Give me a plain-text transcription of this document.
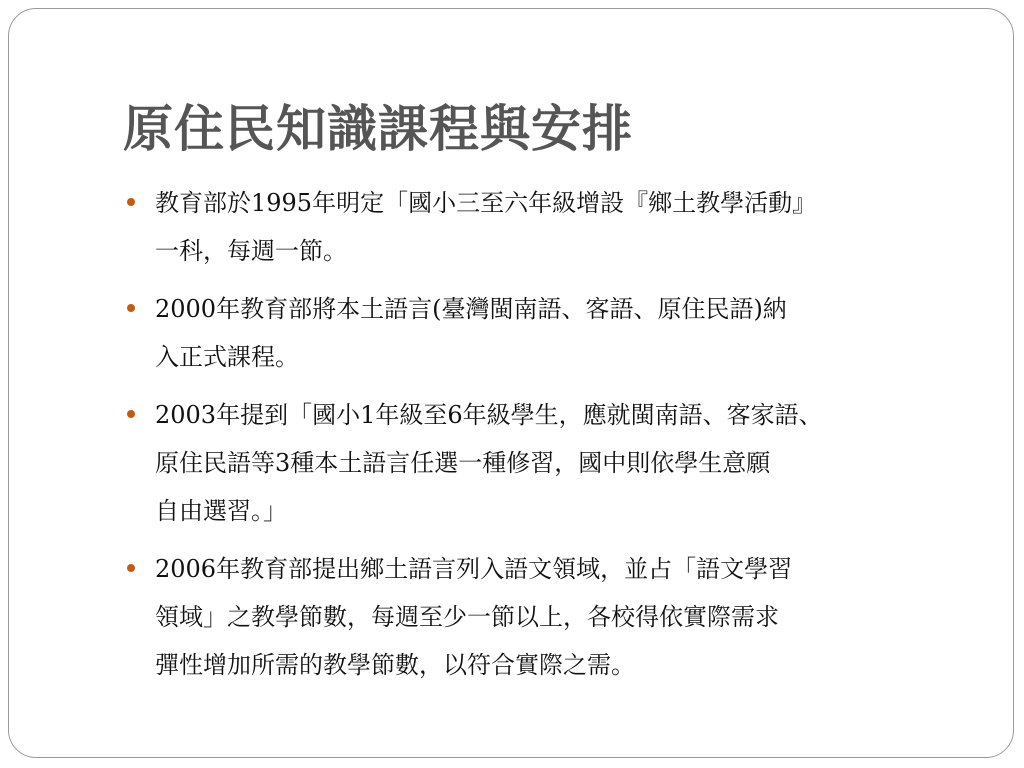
原住民知識課程與安排
教育部於1995年明定「國小三至六年級增設『鄉土教學活動』
一科，每週一節。
2000年教育部將本土語言(臺灣閩南語、客語、原住民語)納
入正式課程。
2003年提到「國小1年級至6年級學生，應就閩南語、客家語、
原住民語等3種本土語言任選一種修習，國中則依學生意願
自由選習。」
2006年教育部提出鄉土語言列入語文領域，並占「語文學習
領域」之教學節數，每週至少一節以上，各校得依實際需求
彈性增加所需的教學節數，以符合實際之需。
